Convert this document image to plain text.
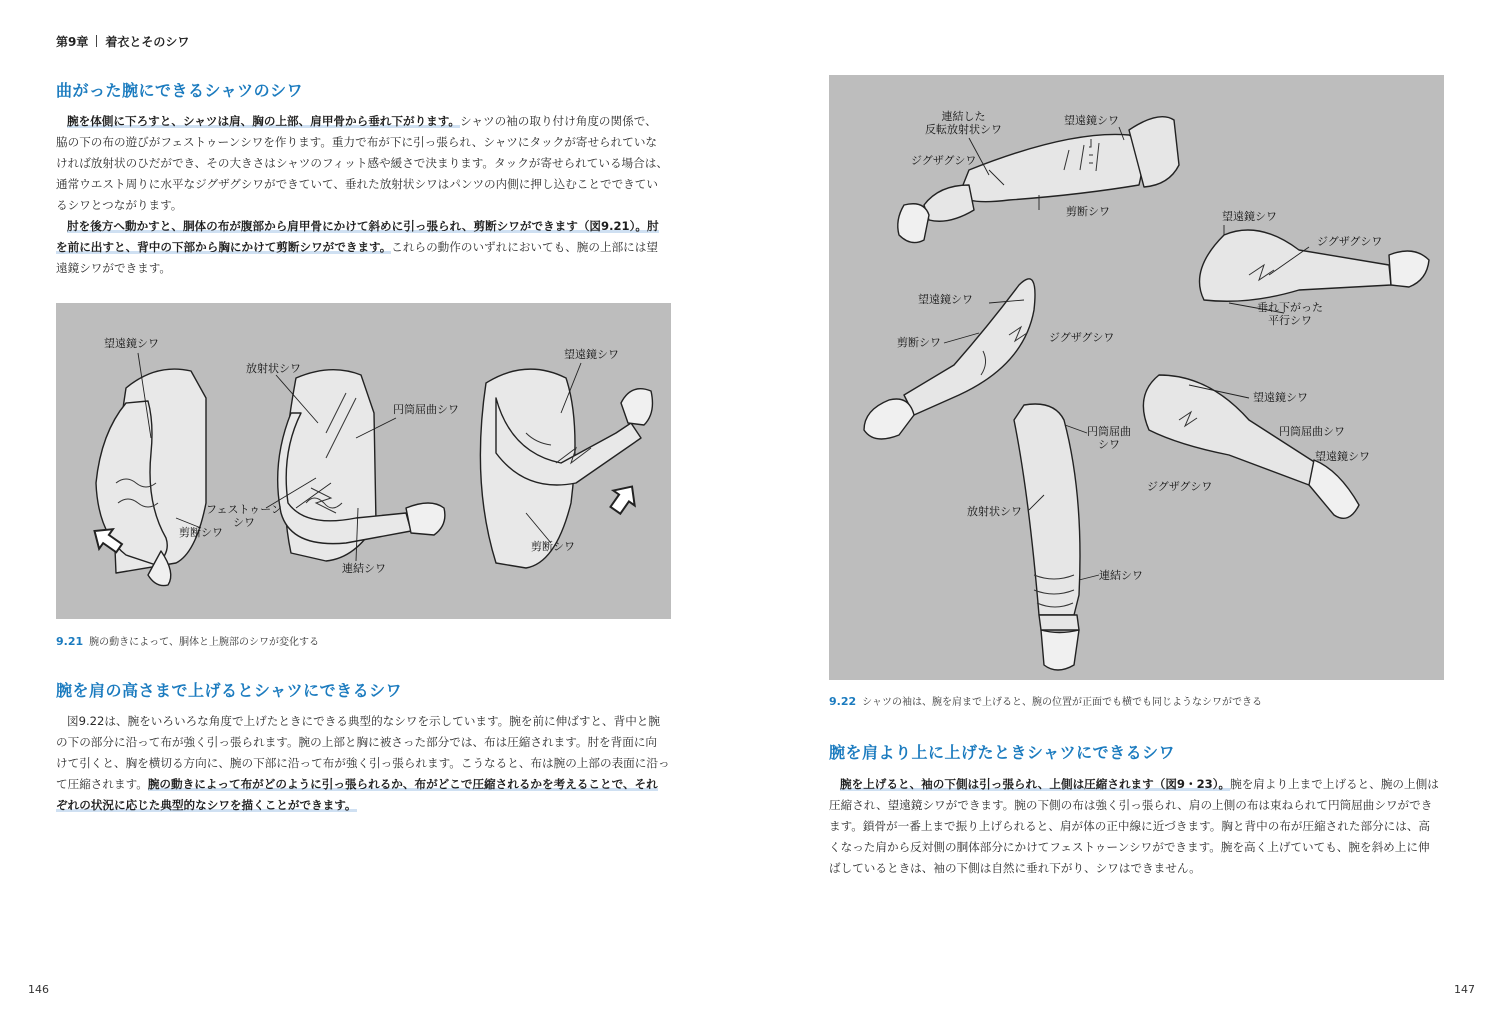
第9章 着衣とそのシワ
曲がった腕にできるシャツのシワ
腕を体側に下ろすと、シャツは肩、胸の上部、肩甲骨から垂れ下がります。シャツの袖の取り付け角度の関係で、
脇の下の布の遊びがフェストゥーンシワを作ります。重力で布が下に引っ張られ、シャツにタックが寄せられていな
ければ放射状のひだができ、その大きさはシャツのフィット感や緩さで決まります。タックが寄せられている場合は、
通常ウエスト周りに水平なジグザグシワができていて、垂れた放射状シワはパンツの内側に押し込むことでできてい
るシワとつながります。
肘を後方へ動かすと、胴体の布が腹部から肩甲骨にかけて斜めに引っ張られ、剪断シワができます（図9.21）。肘
を前に出すと、背中の下部から胸にかけて剪断シワができます。これらの動作のいずれにおいても、腕の上部には望
遠鏡シワができます。
望遠鏡シワ
放射状シワ
望遠鏡シワ
円筒屈曲シワ
フェストゥーン
シワ
剪断シワ
剪断シワ
連結シワ
9.21 腕の動きによって、胴体と上腕部のシワが変化する
腕を肩の高さまで上げるとシャツにできるシワ
図9.22は、腕をいろいろな角度で上げたときにできる典型的なシワを示しています。腕を前に伸ばすと、背中と腕
の下の部分に沿って布が強く引っ張られます。腕の上部と胸に被さった部分では、布は圧縮されます。肘を背面に向
けて引くと、胸を横切る方向に、腕の下部に沿って布が強く引っ張られます。こうなると、布は腕の上部の表面に沿っ
て圧縮されます。腕の動きによって布がどのように引っ張られるか、布がどこで圧縮されるかを考えることで、それ
ぞれの状況に応じた典型的なシワを描くことができます。
146
連結した
反転放射状シワ
望遠鏡シワ
ジグザグシワ
剪断シワ	望遠鏡シワ
ジグザグシワ
垂れ下がった
平行シワ
望遠鏡シワ
ジグザグシワ
剪断シワ
円筒屈曲
シワ
望遠鏡シワ
円筒屈曲シワ
望遠鏡シワ
ジグザグシワ
放射状シワ
連結シワ
9.22 シャツの袖は、腕を肩まで上げると、腕の位置が正面でも横でも同じようなシワができる
腕を肩より上に上げたときシャツにできるシワ
腕を上げると、袖の下側は引っ張られ、上側は圧縮されます（図9・23）。腕を肩より上まで上げると、腕の上側は
圧縮され、望遠鏡シワができます。腕の下側の布は強く引っ張られ、肩の上側の布は束ねられて円筒屈曲シワができ
ます。鎖骨が一番上まで振り上げられると、肩が体の正中線に近づきます。胸と背中の布が圧縮された部分には、高
くなった肩から反対側の胴体部分にかけてフェストゥーンシワができます。腕を高く上げていても、腕を斜め上に伸
ばしているときは、袖の下側は自然に垂れ下がり、シワはできません。
147
